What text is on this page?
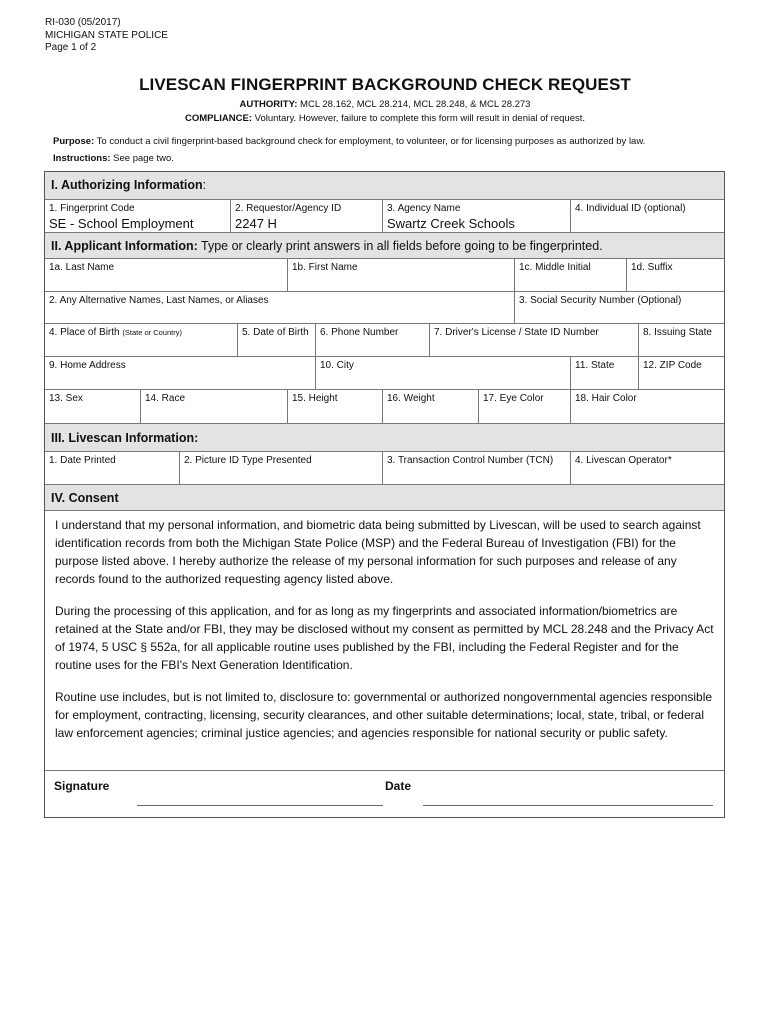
RI-030 (05/2017)
MICHIGAN STATE POLICE
Page 1 of 2
LIVESCAN FINGERPRINT BACKGROUND CHECK REQUEST
AUTHORITY: MCL 28.162, MCL 28.214, MCL 28.248, & MCL 28.273
COMPLIANCE: Voluntary. However, failure to complete this form will result in denial of request.
Purpose: To conduct a civil fingerprint-based background check for employment, to volunteer, or for licensing purposes as authorized by law.
Instructions: See page two.
I. Authorizing Information:
1. Fingerprint Code
SE - School Employment
2. Requestor/Agency ID
2247 H
3. Agency Name
Swartz Creek Schools
4. Individual ID (optional)
II. Applicant Information: Type or clearly print answers in all fields before going to be fingerprinted.
1a. Last Name	1b. First Name	1c. Middle Initial	1d. Suffix
2. Any Alternative Names, Last Names, or Aliases	3. Social Security Number (Optional)
4. Place of Birth (State or Country)	5. Date of Birth	6. Phone Number	7. Driver's License / State ID Number	8. Issuing State
9. Home Address	10. City	11. State	12. ZIP Code
13. Sex	14. Race	15. Height	16. Weight	17. Eye Color	18. Hair Color
III. Livescan Information:
1. Date Printed	2. Picture ID Type Presented	3. Transaction Control Number (TCN)	4. Livescan Operator*
IV. Consent
I understand that my personal information, and biometric data being submitted by Livescan, will be used to search against identification records from both the Michigan State Police (MSP) and the Federal Bureau of Investigation (FBI) for the purpose listed above. I hereby authorize the release of my personal information for such purposes and release of any records found to the authorized requesting agency listed above.
During the processing of this application, and for as long as my fingerprints and associated information/biometrics are retained at the State and/or FBI, they may be disclosed without my consent as permitted by MCL 28.248 and the Privacy Act of 1974, 5 USC § 552a, for all applicable routine uses published by the FBI, including the Federal Register and for the routine uses for the FBI's Next Generation Identification.
Routine use includes, but is not limited to, disclosure to: governmental or authorized nongovernmental agencies responsible for employment, contracting, licensing, security clearances, and other suitable determinations; local, state, tribal, or federal law enforcement agencies; criminal justice agencies; and agencies responsible for national security or public safety.
Signature	Date
